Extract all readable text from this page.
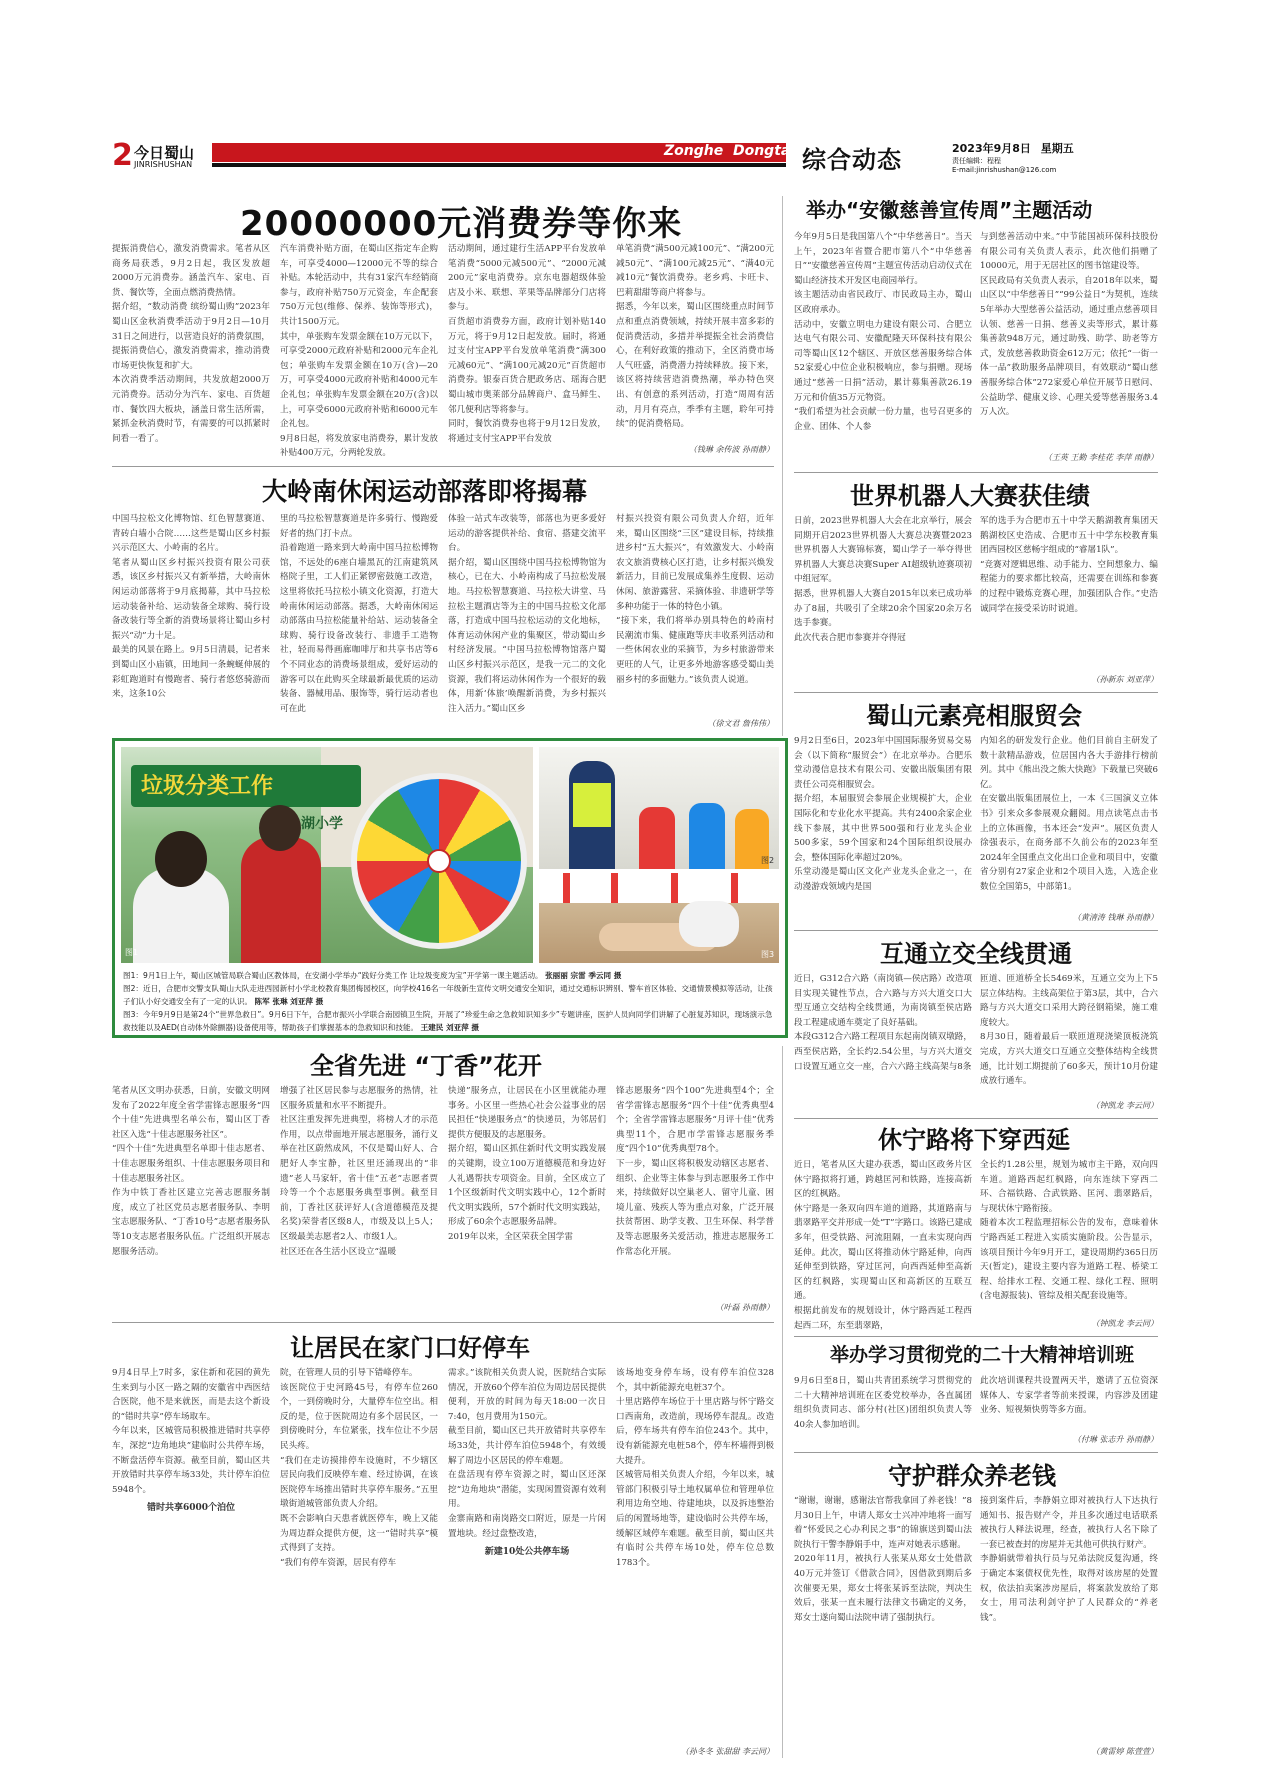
2 今日蜀山
JINRISHUSHAN
Zonghe  Dongtai 综合动态	2023年9月8日 星期五
责任编辑：程程
E-mail:jinrishushan@126.com
20000000元消费券等你来
提振消费信心，激发消费需求。笔者从区商务局获悉，9月2日起，我区发放超2000万元消费券。涵盖汽车、家电、百货、餐饮等，全面点燃消费热情。
据介绍，“数动消费 缤纷蜀山购”2023年蜀山区金秋消费季活动于9月2日—10月31日之间进行，以营造良好的消费氛围，提振消费信心，激发消费需求，推动消费市场更快恢复和扩大。
本次消费季活动期间，共发放超2000万元消费券。活动分为汽车、家电、百货超市、餐饮四大板块，涵盖日常生活所需，紧抓金秋消费时节，有需要的可以抓紧时间看一看了。
汽车消费补贴方面，在蜀山区指定车企购车，可享受4000—12000元不等的综合补贴。本轮活动中，共有31家汽车经销商参与，政府补贴750万元资金，车企配套750万元包(维修、保养、装饰等形式)，共计1500万元。
其中，单张购车发票金额在10万元以下，可享受2000元政府补贴和2000元车企礼包；单张购车发票金额在10万(含)—20万，可享受4000元政府补贴和4000元车企礼包；单张购车发票金额在20万(含)以上，可享受6000元政府补贴和6000元车企礼包。
9月8日起，将发放家电消费券，累计发放补贴400万元，分两轮发放。
活动期间，通过建行生活APP平台发放单笔消费“5000元减500元”、“2000元减200元”家电消费券。京东电器超级体验店及小米、联想、苹果等品牌部分门店将参与。
百货超市消费券方面，政府计划补贴140万元，将于9月12日起发放。届时，将通过支付宝APP平台发放单笔消费“满300元减60元”、“满100元减20元”百货超市消费券。银泰百货合肥政务店、瑶海合肥蜀山城市奥莱部分品牌商户、盒马鲜生、邻几便利店等将参与。
同时，餐饮消费券也将于9月12日发放，将通过支付宝APP平台发放
单笔消费“满500元减100元”、“满200元减50元”、“满100元减25元”、“满40元减10元”餐饮消费券。老乡鸡、卡旺卡、巴莉甜甜等商户将参与。
据悉，今年以来，蜀山区围绕重点时间节点和重点消费领域，持续开展丰富多彩的促消费活动，多措并举提振全社会消费信心，在利好政策的推动下，全区消费市场人气旺盛，消费潜力持续释放。接下来，该区将持续营造消费热潮，举办特色突出、有创意的系列活动，打造“周周有活动，月月有亮点，季季有主题，聆年可持续”的促消费格局。
（钱琳 余传波 孙雨静）
大岭南休闲运动部落即将揭幕
中国马拉松文化博物馆、红色智慧赛道、青砖白墙小合院……这些是蜀山区乡村振兴示范区大、小岭南的名片。
笔者从蜀山区乡村振兴投资有限公司获悉，该区乡村振兴又有新举措，大岭南休闲运动部落将于9月底揭幕，其中马拉松运动装备补给、运动装备全球购、骑行设备改装行等全新的消费场景将让蜀山乡村振兴“动”力十足。
最美的风景在路上。9月5日清晨，记者来到蜀山区小庙镇，田地间一条蜿蜒伸展的彩虹跑道时有慢跑者、骑行者悠悠骑游而来，这条10公
里的马拉松智慧赛道是许多骑行、慢跑爱好者的热门打卡点。
沿着跑道一路来到大岭南中国马拉松博物馆，不远处的6座白墙黑瓦的江南建筑风格院子里，工人们正紧锣密鼓施工改造，这里将依托马拉松小镇文化资源，打造大岭南休闲运动部落。据悉，大岭南休闲运动部落由马拉松能量补给站、运动装备全球购、骑行设备改装行、非遗手工造物社，轻而易得画廊咖啡厅和共享书店等6个不同业态的消费场景组成，爱好运动的游客可以在此购买全球最新最优质的运动装备、器械用品、服饰等，骑行运动者也可在此
体验一站式车改装等，部落也为更多爱好运动的游客提供补给、食宿、搭建交流平台。
据介绍，蜀山区围绕中国马拉松博物馆为核心，已在大、小岭南构成了马拉松发展地。马拉松智慧赛道、马拉松大讲堂、马拉松主题酒店等为主的中国马拉松文化部落，打造成中国马拉松运动的文化地标，体育运动休闲产业的集聚区，带动蜀山乡村经济发展。“中国马拉松博物馆落户蜀山区乡村振兴示范区，是我一元二的文化资源，我们将运动休闲作为一个很好的载体，用新‘体旅’唤醒新消费，为乡村振兴注入活力。”蜀山区乡
村振兴投资有限公司负责人介绍，近年来，蜀山区围绕“三区”建设目标，持续推进乡村“五大振兴”，有效激发大、小岭南农文旅消费核心区打造，让乡村振兴焕发新活力，目前已发展成集养生度假、运动休闲、旅游露营、采摘体验、非遗研学等多种功能于一体的特色小镇。
“接下来，我们将举办别具特色的岭南村民潮流市集、健康跑等庆丰收系列活动和一些休闲农业的采摘节，为乡村旅游带来更旺的人气，让更多外地游客感受蜀山美丽乡村的多面魅力。”该负责人说道。
（徐文君 詹伟伟）
垃圾分类工作
湖小学
图1
图2
图3
图1：9月1日上午，蜀山区城管局联合蜀山区教体局，在安湖小学举办“践好分类工作 让垃圾变废为宝”开学第一课主题活动。 张丽丽 宗雷 季云同 摄
图2：近日，合肥市交警支队蜀山大队走进西园新村小学北校教育集团梅园校区，向学校416名一年级新生宣传文明交通安全知识，通过交通标识辨别、警车首区体验、交通情景模拟等活动，让孩子们认小好交通安全有了一定的认识。 陈军 张琳 刘亚萍 摄
图3：今年9月9日是第24个“世界急救日”。9月6日下午，合肥市振兴小学联合南园镇卫生院，开展了“珍爱生命之急救知识知多少”专题讲座，医护人员向同学们讲解了心脏复苏知识，现场演示急救技能以及AED(自动体外除颤器)设备使用等，帮助孩子们掌握基本的急救知识和技能。 王建民 刘亚萍 摄
全省先进 “丁香”花开
笔者从区文明办获悉，日前，安徽文明网发布了2022年度全省学雷锋志愿服务“四个十佳”先进典型名单公布，蜀山区丁香社区入选“十佳志愿服务社区”。
“四个十佳”先进典型名单即十佳志愿者、十佳志愿服务组织、十佳志愿服务项目和十佳志愿服务社区。
作为中铁丁香社区建立完善志愿服务制度，成立了社区党员志愿者服务队、李明宝志愿服务队、“丁香10号”志愿者服务队等10支志愿者服务队伍。广泛组织开展志愿服务活动。
增强了社区居民参与志愿服务的热情，社区服务质量和水平不断提升。
社区注重发挥先进典型，将榜人才的示范作用，以点带面地开展志愿服务，涌行义举在社区蔚然成风，不仅是蜀山好人、合肥好人李宝静，社区里还涌现出的“非遗”老人马家轩，省十佳“五老”志愿者贾玲等一个个志愿服务典型事例。截至目前，丁香社区获评好人(含道德模范及提名奖)荣誉者区级8人，市级及以上5人；区级最美志愿者2人、市级1人。
社区还在各生活小区设立“温暖
快递”服务点，让居民在小区里就能办理事务。小区里一些热心社会公益事业的居民担任“快递服务点”的快递员，为邻居们提供方便服及的志愿服务。
据介绍，蜀山区抓住新时代文明实践发展的关键期，设立100万道德模范和身边好人礼遇帮扶专项资金。目前，全区成立了1个区级新时代文明实践中心，12个新时代文明实践所，57个新时代文明实践站，形成了60余个志愿服务品牌。
2019年以来，全区荣获全国学雷
锋志愿服务“四个100”先进典型4个；全省学雷锋志愿服务“四个十佳”优秀典型4个；全省学雷锋志愿服务“月评十佳”优秀典型11个，合肥市学雷锋志愿服务季度“四个10”优秀典型78个。
下一步，蜀山区将积极发动辖区志愿者、组织、企业等主体参与到志愿服务工作中来，持续做好以空巢老人、留守儿童、困境儿童、残疾人等为重点对象，广泛开展扶贫帮困、助学支教、卫生环保、科学普及等志愿服务关爱活动，推进志愿服务工作常态化开展。
（叶磊 孙雨静）
让居民在家门口好停车
9月4日早上7时多，家住新和花园的黄先生来到与小区一路之隔的安徽省中西医结合医院，他不是来就医，而是去这个新设的“错时共享”停车场取车。
今年以来，区城管局积极推进错时共享停车，深挖“边角地块”建临时公共停车场，不断盘活停车资源。截至目前，蜀山区共开放错时共享停车场33处，共计停车泊位5948个。
错时共享6000个泊位
院，在管理人员的引导下错峰停车。
该医院位于史河路45号，有停车位260个，一到傍晚时分，大量停车位空出。相反的是，位于医院周边有多个居民区，一到傍晚时分，车位紧张，找车位让不少居民头疼。
“我们在走访摸排停车设施时，不少辖区居民向我们反映停车难、经过协调，在该医院停车场推出错时共享停车服务。”五里墩街道城管部负责人介绍。
既不会影响白天患者就医停车，晚上又能为周边群众提供方便，这一“错时共享”模式得到了支持。
“我们有停车资源，居民有停车
需求。”该院相关负责人说，医院结合实际情况，开放60个停车泊位为周边居民提供便利，开放的时间为每天18:00一次日7:40，包月费用为150元。
截至目前，蜀山区已共开放错时共享停车场33处，共计停车泊位5948个，有效缓解了周边小区居民的停车难题。
在盘活现有停车资源之时，蜀山区还深挖“边角地块”潜能，实现闲置资源有效利用。
金寨南路和南岗路交口附近，原是一片闲置地块。经过盘整改造，
新建10处公共停车场
该场地变身停车场，设有停车泊位328个，其中新能源充电桩37个。
十里店路停车场位于十里店路与怀宁路交口西南角，改造前，现场停车混乱。改造后，停车场共有停车泊位243个。其中，设有新能源充电桩58个，停车杯墙得到极大提升。
区城管局相关负责人介绍，今年以来，城管部门积极引导土地权属单位和管理单位利用边角空地、待建地块，以及拆违整治后的闲置场地等，建设临时公共停车场，缓解区域停车难题。截至目前，蜀山区共有临时公共停车场10处，停车位总数1783个。
（孙冬冬 张甜甜 李云同）
举办“安徽慈善宣传周”主题活动
今年9月5日是我国第八个“中华慈善日”。当天上午，2023年省暨合肥市第八个“中华慈善日”“安徽慈善宣传周”主题宣传活动启动仪式在蜀山经济技术开发区电商园举行。
该主题活动由省民政厅、市民政局主办，蜀山区政府承办。
活动中，安徽立明电力建设有限公司、合肥立达电气有限公司、安徽配隆天环保科技有限公司等蜀山区12个辖区、开放区慈善服务综合体52家爱心中位企业积极响应，参与捐赠。现场通过“慈善一日捐”活动，累计募集善款26.19万元和价值35万元物资。
“我们希望为社会贡献一份力量，也号召更多的企业、团体、个人参
与到慈善活动中来。”中节能国祯环保科技股份有限公司有关负责人表示，此次他们捐赠了10000元，用于无居社区的图书馆建设等。
区民政局有关负责人表示，自2018年以来，蜀山区以“中华慈善日”“99公益日”为契机，连续5年举办大型慈善公益活动，通过重点慈善项目认领、慈善一日捐、慈善义卖等形式，累计募集善款948万元，通过助残、助学、助老等方式，发放慈善救助资金612万元；依托“一街一体一品”救助服务品牌项目，有效联动“蜀山慈善服务综合体”272家爱心单位开展节日慰问、公益助学、健康义诊、心理关爱等慈善服务3.4万人次。
（王英 王勤 李桂花 李萍 雨静）
世界机器人大赛获佳绩
日前，2023世界机器人大会在北京举行，展会同期开启2023世界机器人大赛总决赛暨2023世界机器人大赛锦标赛，蜀山学子一举夺得世界机器人大赛总决赛Super AI超级轨迹赛项初中组冠军。
据悉，世界机器人大赛自2015年以来已成功举办了8届，共吸引了全球20余个国家20余万名选手参赛。
此次代表合肥市参赛并夺得冠
军的选手为合肥市五十中学天鹅湖教育集团天鹅湖校区史浩成、合肥市五十中学东校教育集团西园校区慈畅宇组成的“睿屠1队”。
“竞赛对逻辑思维、动手能力、空间想象力、编程能力的要求都比较高，还需要在训练和参赛的过程中锻炼竞赛心理，加强团队合作。”史浩诚同学在接受采访时说道。
（孙新东 刘亚萍）
蜀山元素亮相服贸会
9月2日至6日，2023年中国国际服务贸易交易会（以下简称“服贸会”）在北京举办。合肥乐堂动漫信息技术有限公司、安徽出版集团有限责任公司亮相服贸会。
据介绍，本届服贸会参展企业规模扩大，企业国际化和专业化水平提高。共有2400余家企业线下参展，其中世界500强和行业龙头企业500多家，59个国家和24个国际组织设展办会，整体国际化率超过20%。
乐堂动漫是蜀山区文化产业龙头企业之一，在动漫游戏领域内是国
内知名的研发发行企业。他们目前自主研发了数十款精品游戏，位居国内各大手游排行榜前列。其中《熊出没之熊大快跑》下载量已突破6亿。
在安徽出版集团展位上，一本《三国演义立体书》引来众多参展观众翻阅。用点读笔点击书上的立体画像，书本还会“发声”。展区负责人徐强表示，在商务部不久前公布的2023年至2024年全国重点文化出口企业和项目中，安徽省分别有27家企业和2个项目入选，入选企业数位全国第5，中部第1。
（黄清涛 钱琳 孙雨静）
互通立交全线贯通
近日，G312合六路（南岗镇—侯店路）改造项目实现关键性节点，合六路与方兴大道交口大型互通立交结构全线贯通，为南岗镇至侯店路段工程建成通车奠定了良好基础。
本段G312合六路工程项目东起南岗镇双墩路，西至侯店路，全长约2.54公里，与方兴大道交口设置互通立交一座，合六六路主线高架与8条
匝道、匝道桥全长5469米，互通立交为上下5层立体结构。主线高架位于第3层，其中，合六路与方兴大道交口采用大跨径钢箱梁，施工难度较大。
8月30日，随着最后一联匝道现浇梁顶板浇筑完成，方兴大道交口互通立交整体结构全线贯通，比计划工期提前了60多天，预计10月份建成放行通车。
（钟凯龙 李云同）
休宁路将下穿西延
近日，笔者从区大建办获悉，蜀山区政务片区休宁路拟将打通，跨越匡河和铁路，连接高新区的红枫路。
休宁路是一条双向四车道的道路，其道路南与翡翠路平交并形成一处“T”字路口。该路已建成多年，但受铁路、河流阻隔，一直未实现向西延伸。此次，蜀山区将推动休宁路延伸，向西延伸至到铁路，穿过匡河，向西西延伸至高新区的红枫路，实现蜀山区和高新区的互联互通。
根据此前发布的规划设计，休宁路西延工程西起西二环，东至翡翠路，
全长约1.28公里，规划为城市主干路，双向四车道。道路西起红枫路，向东连续下穿西二环、合福铁路、合武铁路、匡河、翡翠路后，与现状休宁路衔接。
随着本次工程监理招标公告的发布，意味着休宁路西延工程进入实质实施阶段。公告显示，该项目预计今年9月开工，建设周期约365日历天(暂定)，建设主要内容为道路工程、桥梁工程、给排水工程、交通工程、绿化工程、照明(含电源报装)、管综及相关配套设施等。
（钟凯龙 李云同）
举办学习贯彻党的二十大精神培训班
9月6日至8日，蜀山共青团系统学习贯彻党的二十大精神培训班在区委党校举办，各直属团组织负责同志、部分村(社区)团组织负责人等40余人参加培训。
此次培训课程共设置两天半，邀请了五位资深媒体人、专家学者等前来授课，内容涉及团建业务、短视频快剪等多方面。
（付琳 张志升 孙雨静）
守护群众养老钱
“谢谢，谢谢，感谢法官帮我拿回了养老钱！”8月30日上午，申请人郑女士兴冲冲地将一面写着“怀爱民之心办利民之事”的锦旗送到蜀山法院执行干警李静娟手中，连声对她表示感谢。
2020年11月，被执行人张某从郑女士处借款40万元并签订《借款合同》，因借款到期后多次催要无果，郑女士将张某诉至法院，判决生效后，张某一直未履行法律文书确定的义务，郑女士遂向蜀山法院申请了强制执行。
接到案件后，李静娟立即对被执行人下达执行通知书、报告财产令，并且多次通过电话联系被执行人释法说理，经查，被执行人名下除了一套已被查封的房屋并无其他可供执行财产。
李静娟就带着执行员与兄弟法院反复沟通，终于确定本案债权优先性，取得对该房屋的处置权，依法拍卖案涉房屋后，将案款发放给了郑女士，用司法利剑守护了人民群众的“养老钱”。
（黄雷婷 陈萱萱）
